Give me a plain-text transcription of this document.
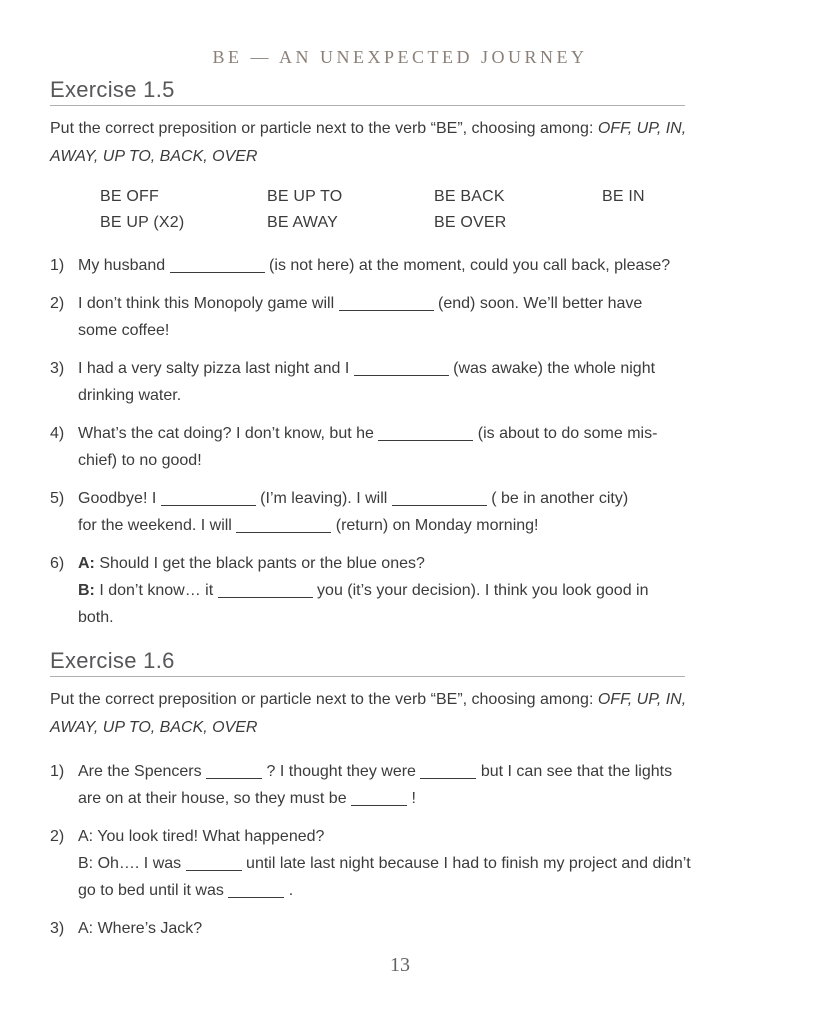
BE — AN UNEXPECTED JOURNEY
Exercise 1.5
Put the correct preposition or particle next to the verb “BE”, choosing among: OFF, UP, IN,
AWAY, UP TO, BACK, OVER
BE OFF	BE UP TO	BE BACK	BE IN
BE UP (X2)	BE AWAY	BE OVER
1) My husband	(is not here) at the moment, could you call back, please?
2) I don’t think this Monopoly game will	(end) soon. We’ll better have
some coffee!
3) I had a very salty pizza last night and I	(was awake) the whole night
drinking water.
4) What’s the cat doing? I don’t know, but he	(is about to do some mis-
chief) to no good!
5) Goodbye! I	(I’m leaving). I will	( be in another city)
for the weekend. I will	(return) on Monday morning!
6) A: Should I get the black pants or the blue ones?
B: I don’t know… it	you (it’s your decision). I think you look good in
both.
Exercise 1.6
Put the correct preposition or particle next to the verb “BE”, choosing among: OFF, UP, IN,
AWAY, UP TO, BACK, OVER
1) Are the Spencers	? I thought they were	but I can see that the lights
are on at their house, so they must be	!
2) A: You look tired! What happened?
B: Oh…. I was	until late last night because I had to finish my project and didn’t
go to bed until it was	.
3) A: Where’s Jack?
13
